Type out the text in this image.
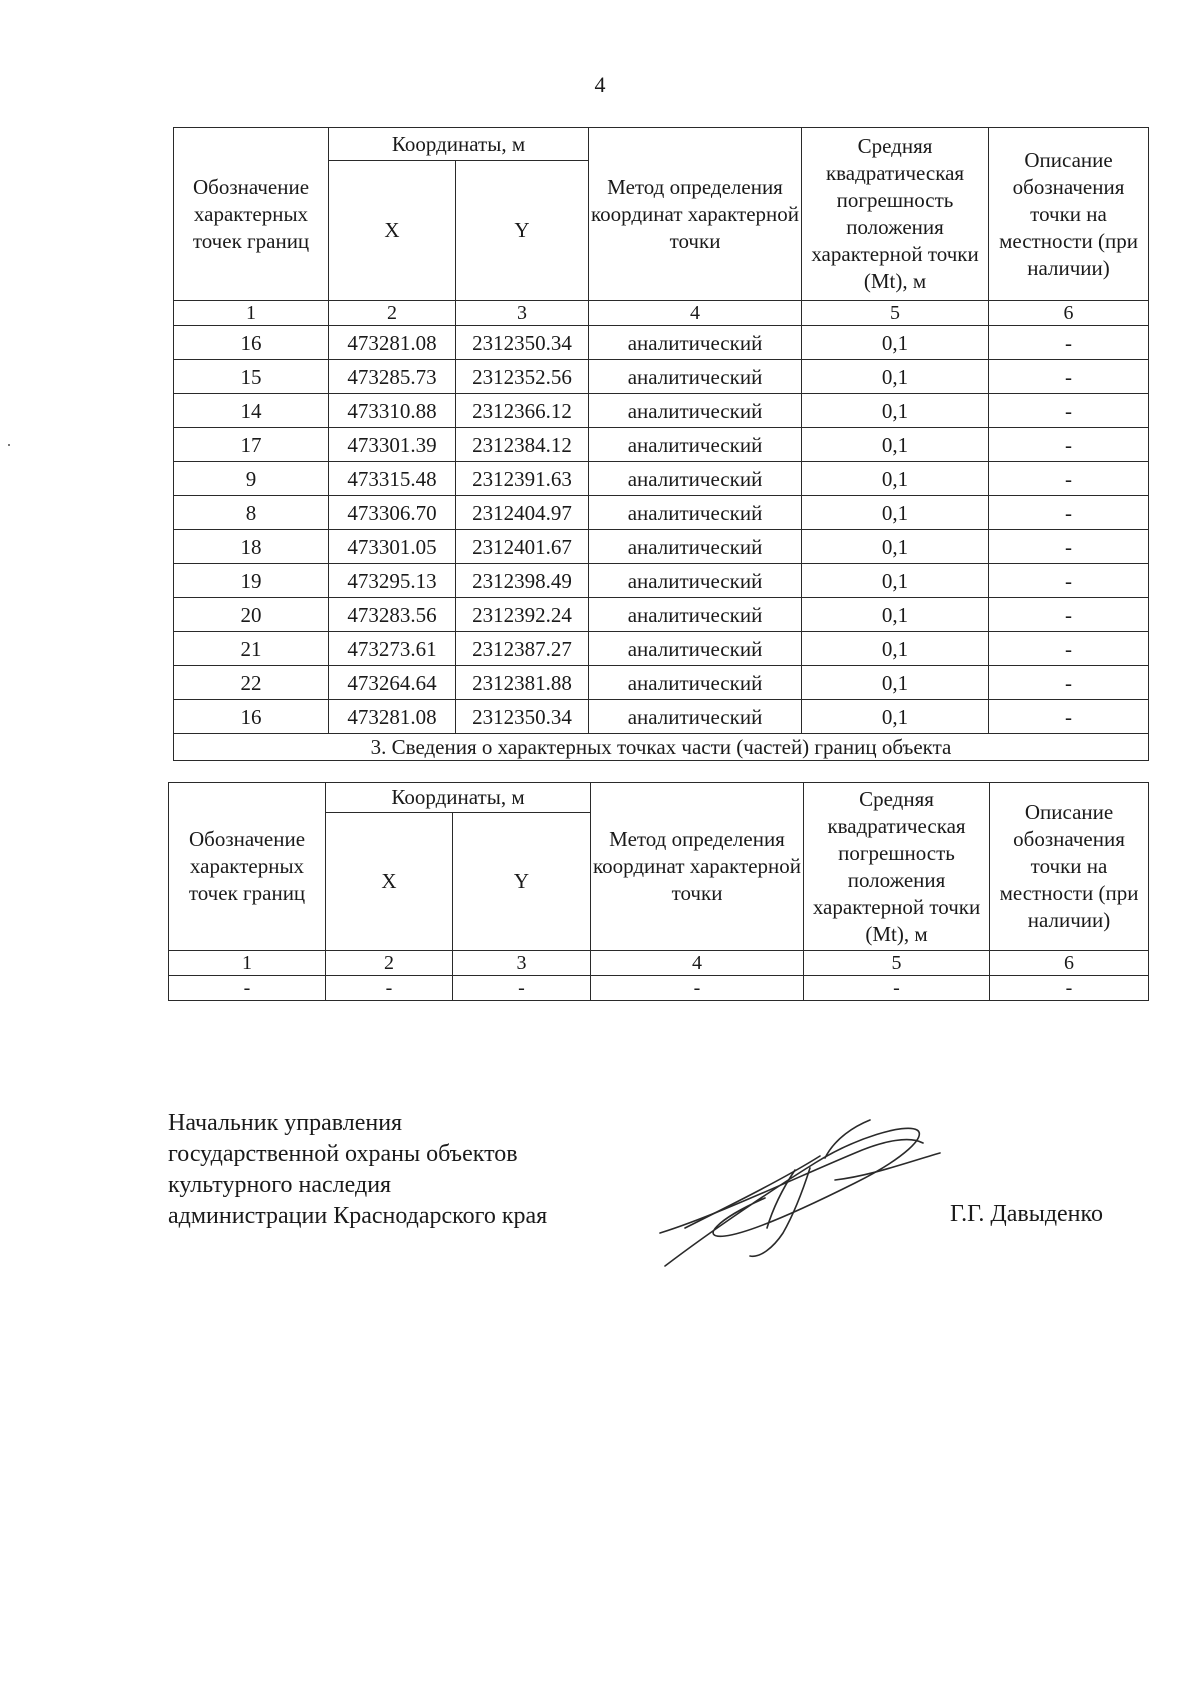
4
Обозначение характерных точек границ	Координаты, м		Метод определения координат характерной точки	Средняя квадратическая погрешность положения характерной точки (Mt), м	Описание обозначения точки на местности (при наличии)
	X	Y			
1	2	3	4	5	6
16	473281.08	2312350.34	аналитический	0,1	-
15	473285.73	2312352.56	аналитический	0,1	-
14	473310.88	2312366.12	аналитический	0,1	-
17	473301.39	2312384.12	аналитический	0,1	-
9	473315.48	2312391.63	аналитический	0,1	-
8	473306.70	2312404.97	аналитический	0,1	-
18	473301.05	2312401.67	аналитический	0,1	-
19	473295.13	2312398.49	аналитический	0,1	-
20	473283.56	2312392.24	аналитический	0,1	-
21	473273.61	2312387.27	аналитический	0,1	-
22	473264.64	2312381.88	аналитический	0,1	-
16	473281.08	2312350.34	аналитический	0,1	-
3. Сведения о характерных точках части (частей) границ объекта					
Обозначение характерных точек границ	Координаты, м		Метод определения координат характерной точки	Средняя квадратическая погрешность положения характерной точки (Mt), м	Описание обозначения точки на местности (при наличии)
	X	Y			
1	2	3	4	5	6
-	-	-	-	-	-
Начальник управления
государственной охраны объектов
культурного наследия
администрации Краснодарского края	Г.Г. Давыденко
